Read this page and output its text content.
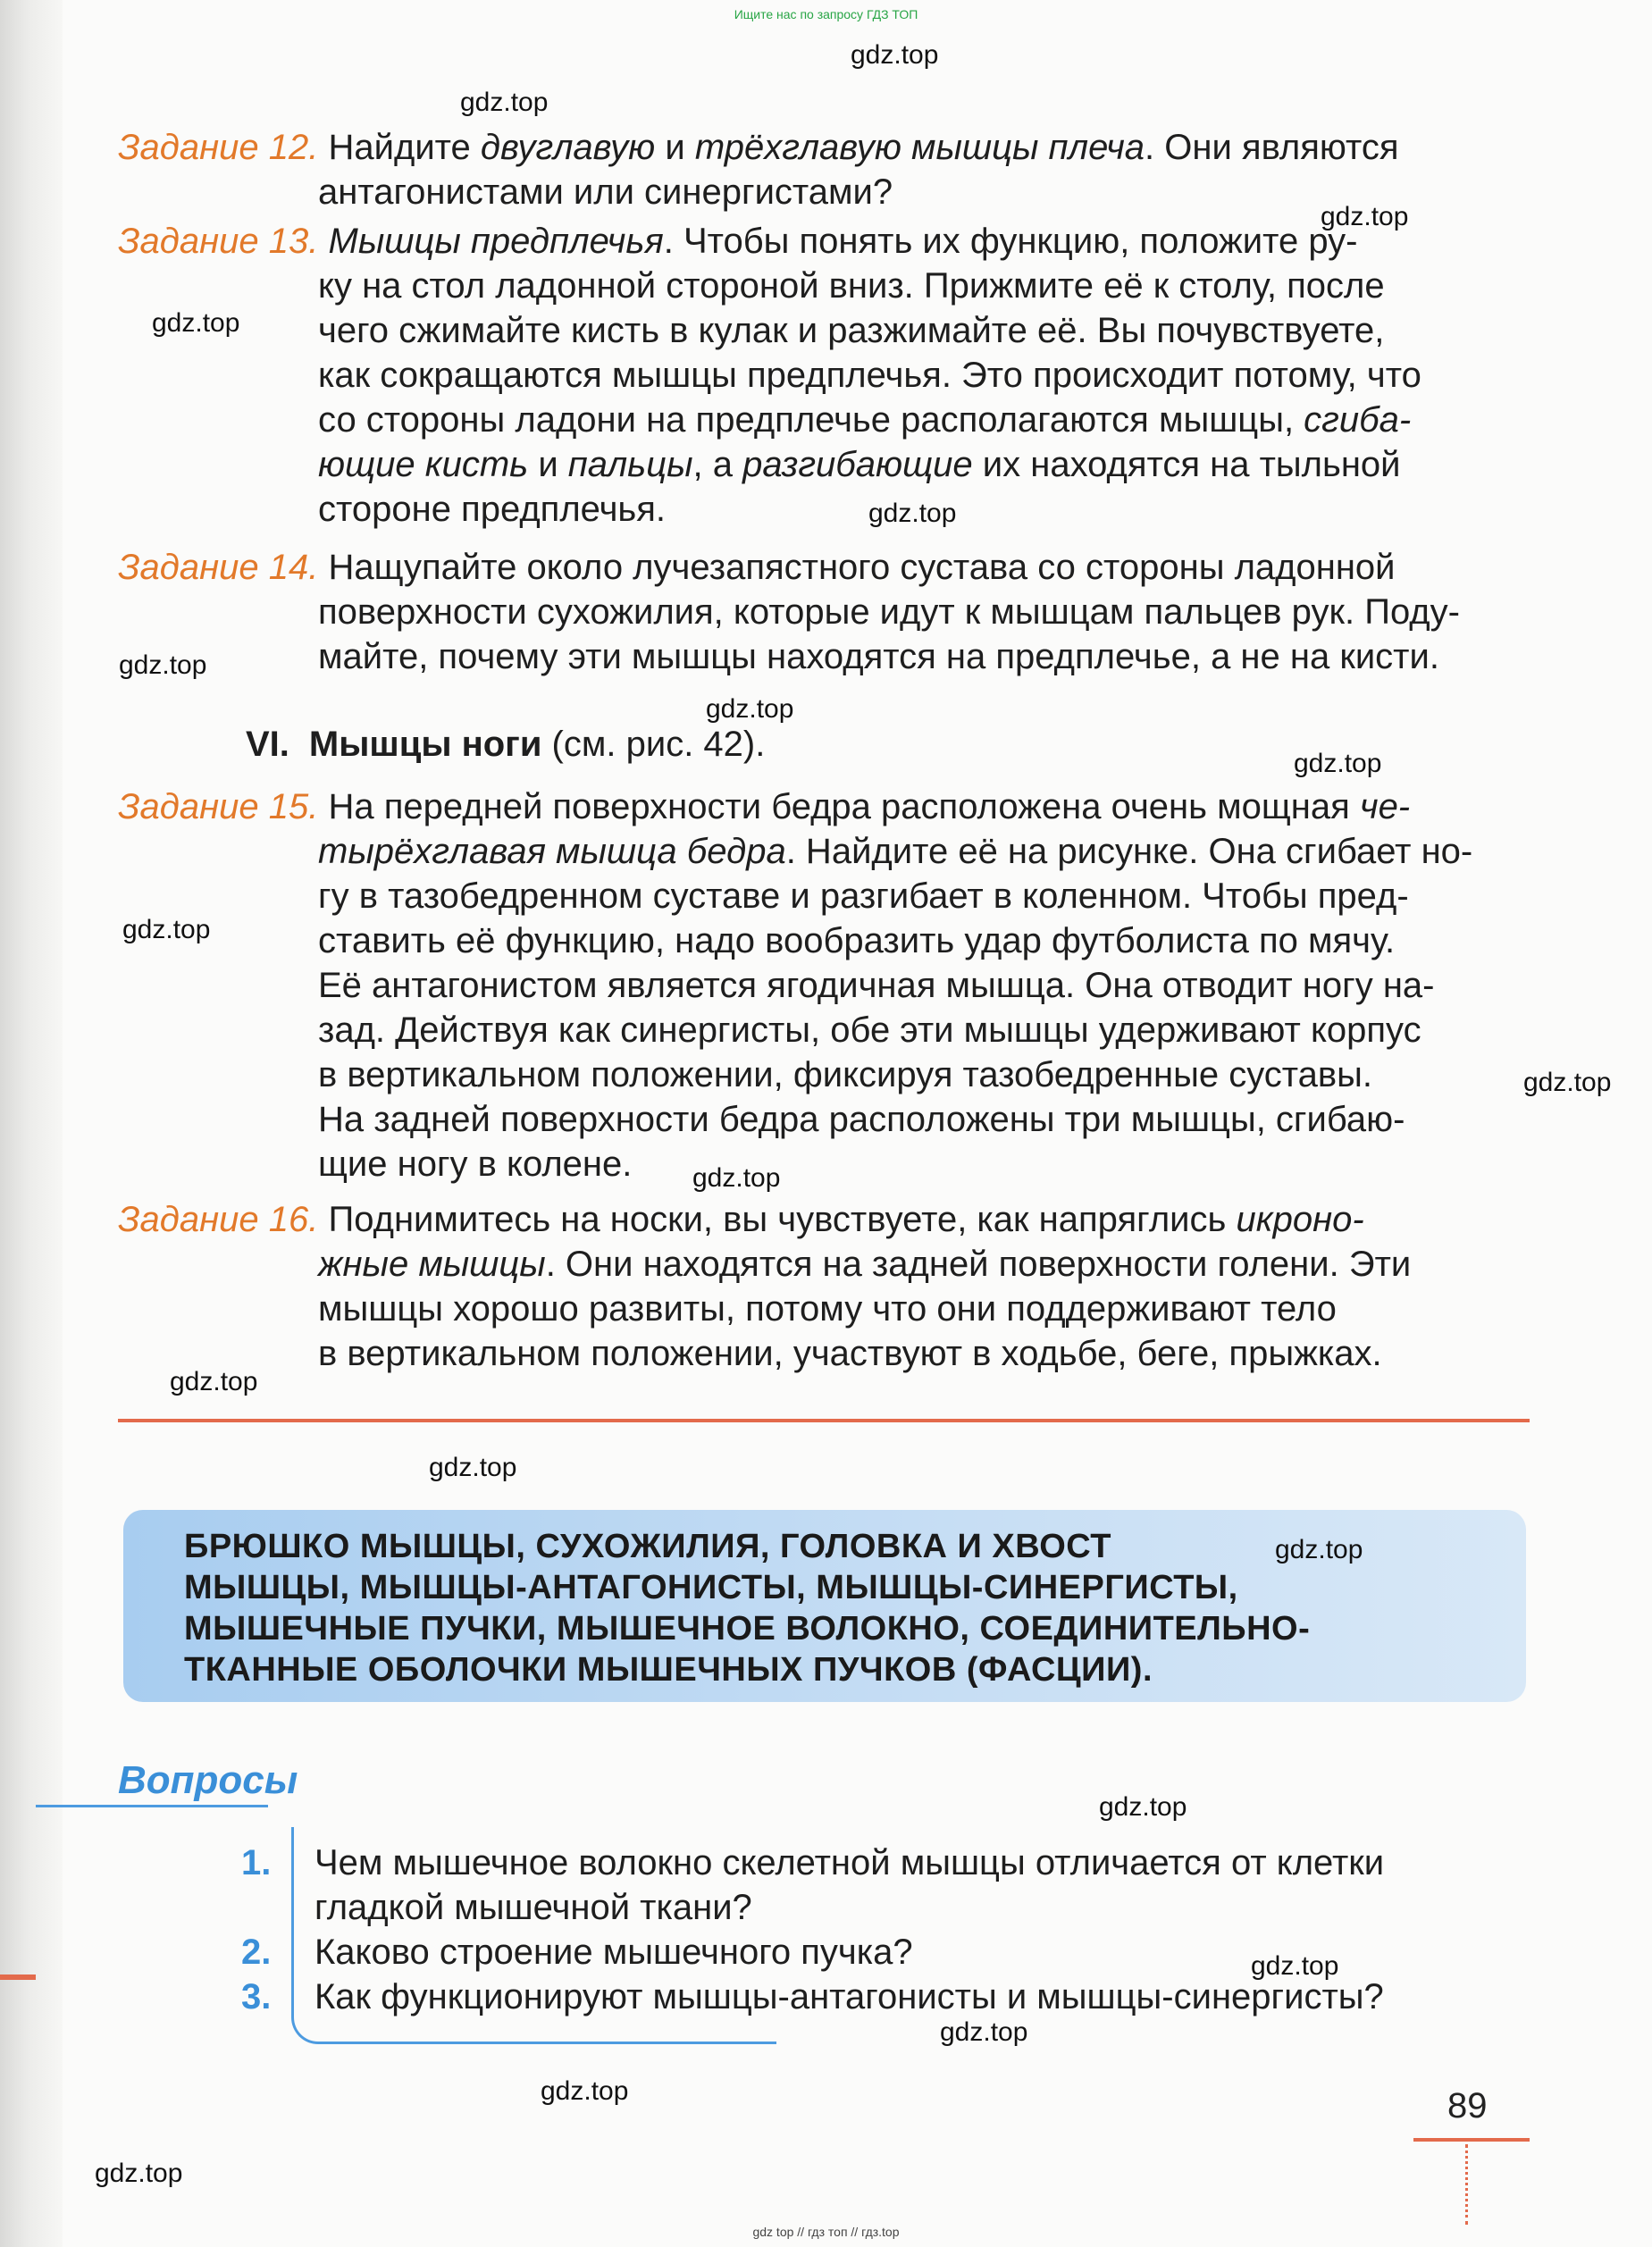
Ищите нас по запросу ГДЗ ТОП
Задание 12. Найдите двуглавую и трёхглавую мышцы плеча. Они являются
антагонистами или синергистами?
Задание 13. Мышцы предплечья. Чтобы понять их функцию, положите ру-
ку на стол ладонной стороной вниз. Прижмите её к столу, после
чего сжимайте кисть в кулак и разжимайте её. Вы почувствуете,
как сокращаются мышцы предплечья. Это происходит потому, что
со стороны ладони на предплечье располагаются мышцы, сгиба-
ющие кисть и пальцы, а разгибающие их находятся на тыльной
стороне предплечья.
Задание 14. Нащупайте около лучезапястного сустава со стороны ладонной
поверхности сухожилия, которые идут к мышцам пальцев рук. Поду-
майте, почему эти мышцы находятся на предплечье, а не на кисти.
VI. Мышцы ноги (см. рис. 42).
Задание 15. На передней поверхности бедра расположена очень мощная че-
тырёхглавая мышца бедра. Найдите её на рисунке. Она сгибает но-
гу в тазобедренном суставе и разгибает в коленном. Чтобы пред-
ставить её функцию, надо вообразить удар футболиста по мячу.
Её антагонистом является ягодичная мышца. Она отводит ногу на-
зад. Действуя как синергисты, обе эти мышцы удерживают корпус
в вертикальном положении, фиксируя тазобедренные суставы.
На задней поверхности бедра расположены три мышцы, сгибаю-
щие ногу в колене.
Задание 16. Поднимитесь на носки, вы чувствуете, как напряглись икроно-
жные мышцы. Они находятся на задней поверхности голени. Эти
мышцы хорошо развиты, потому что они поддерживают тело
в вертикальном положении, участвуют в ходьбе, беге, прыжках.
БРЮШКО МЫШЦЫ, СУХОЖИЛИЯ, ГОЛОВКА И ХВОСТ
МЫШЦЫ, МЫШЦЫ-АНТАГОНИСТЫ, МЫШЦЫ-СИНЕРГИСТЫ,
МЫШЕЧНЫЕ ПУЧКИ, МЫШЕЧНОЕ ВОЛОКНО, СОЕДИНИТЕЛЬНО-
ТКАННЫЕ ОБОЛОЧКИ МЫШЕЧНЫХ ПУЧКОВ (ФАСЦИИ).
Вопросы
1.	Чем мышечное волокно скелетной мышцы отличается от клетки
гладкой мышечной ткани?
2.	Каково строение мышечного пучка?
3.	Как функционируют мышцы-антагонисты и мышцы-синергисты?
89
gdz.top
gdz.top
gdz.top
gdz.top
gdz.top
gdz.top
gdz.top
gdz.top
gdz.top
gdz.top
gdz.top
gdz.top
gdz.top
gdz.top
gdz.top
gdz.top
gdz.top
gdz.top
gdz.top
gdz top // гдз топ // гдз.top
